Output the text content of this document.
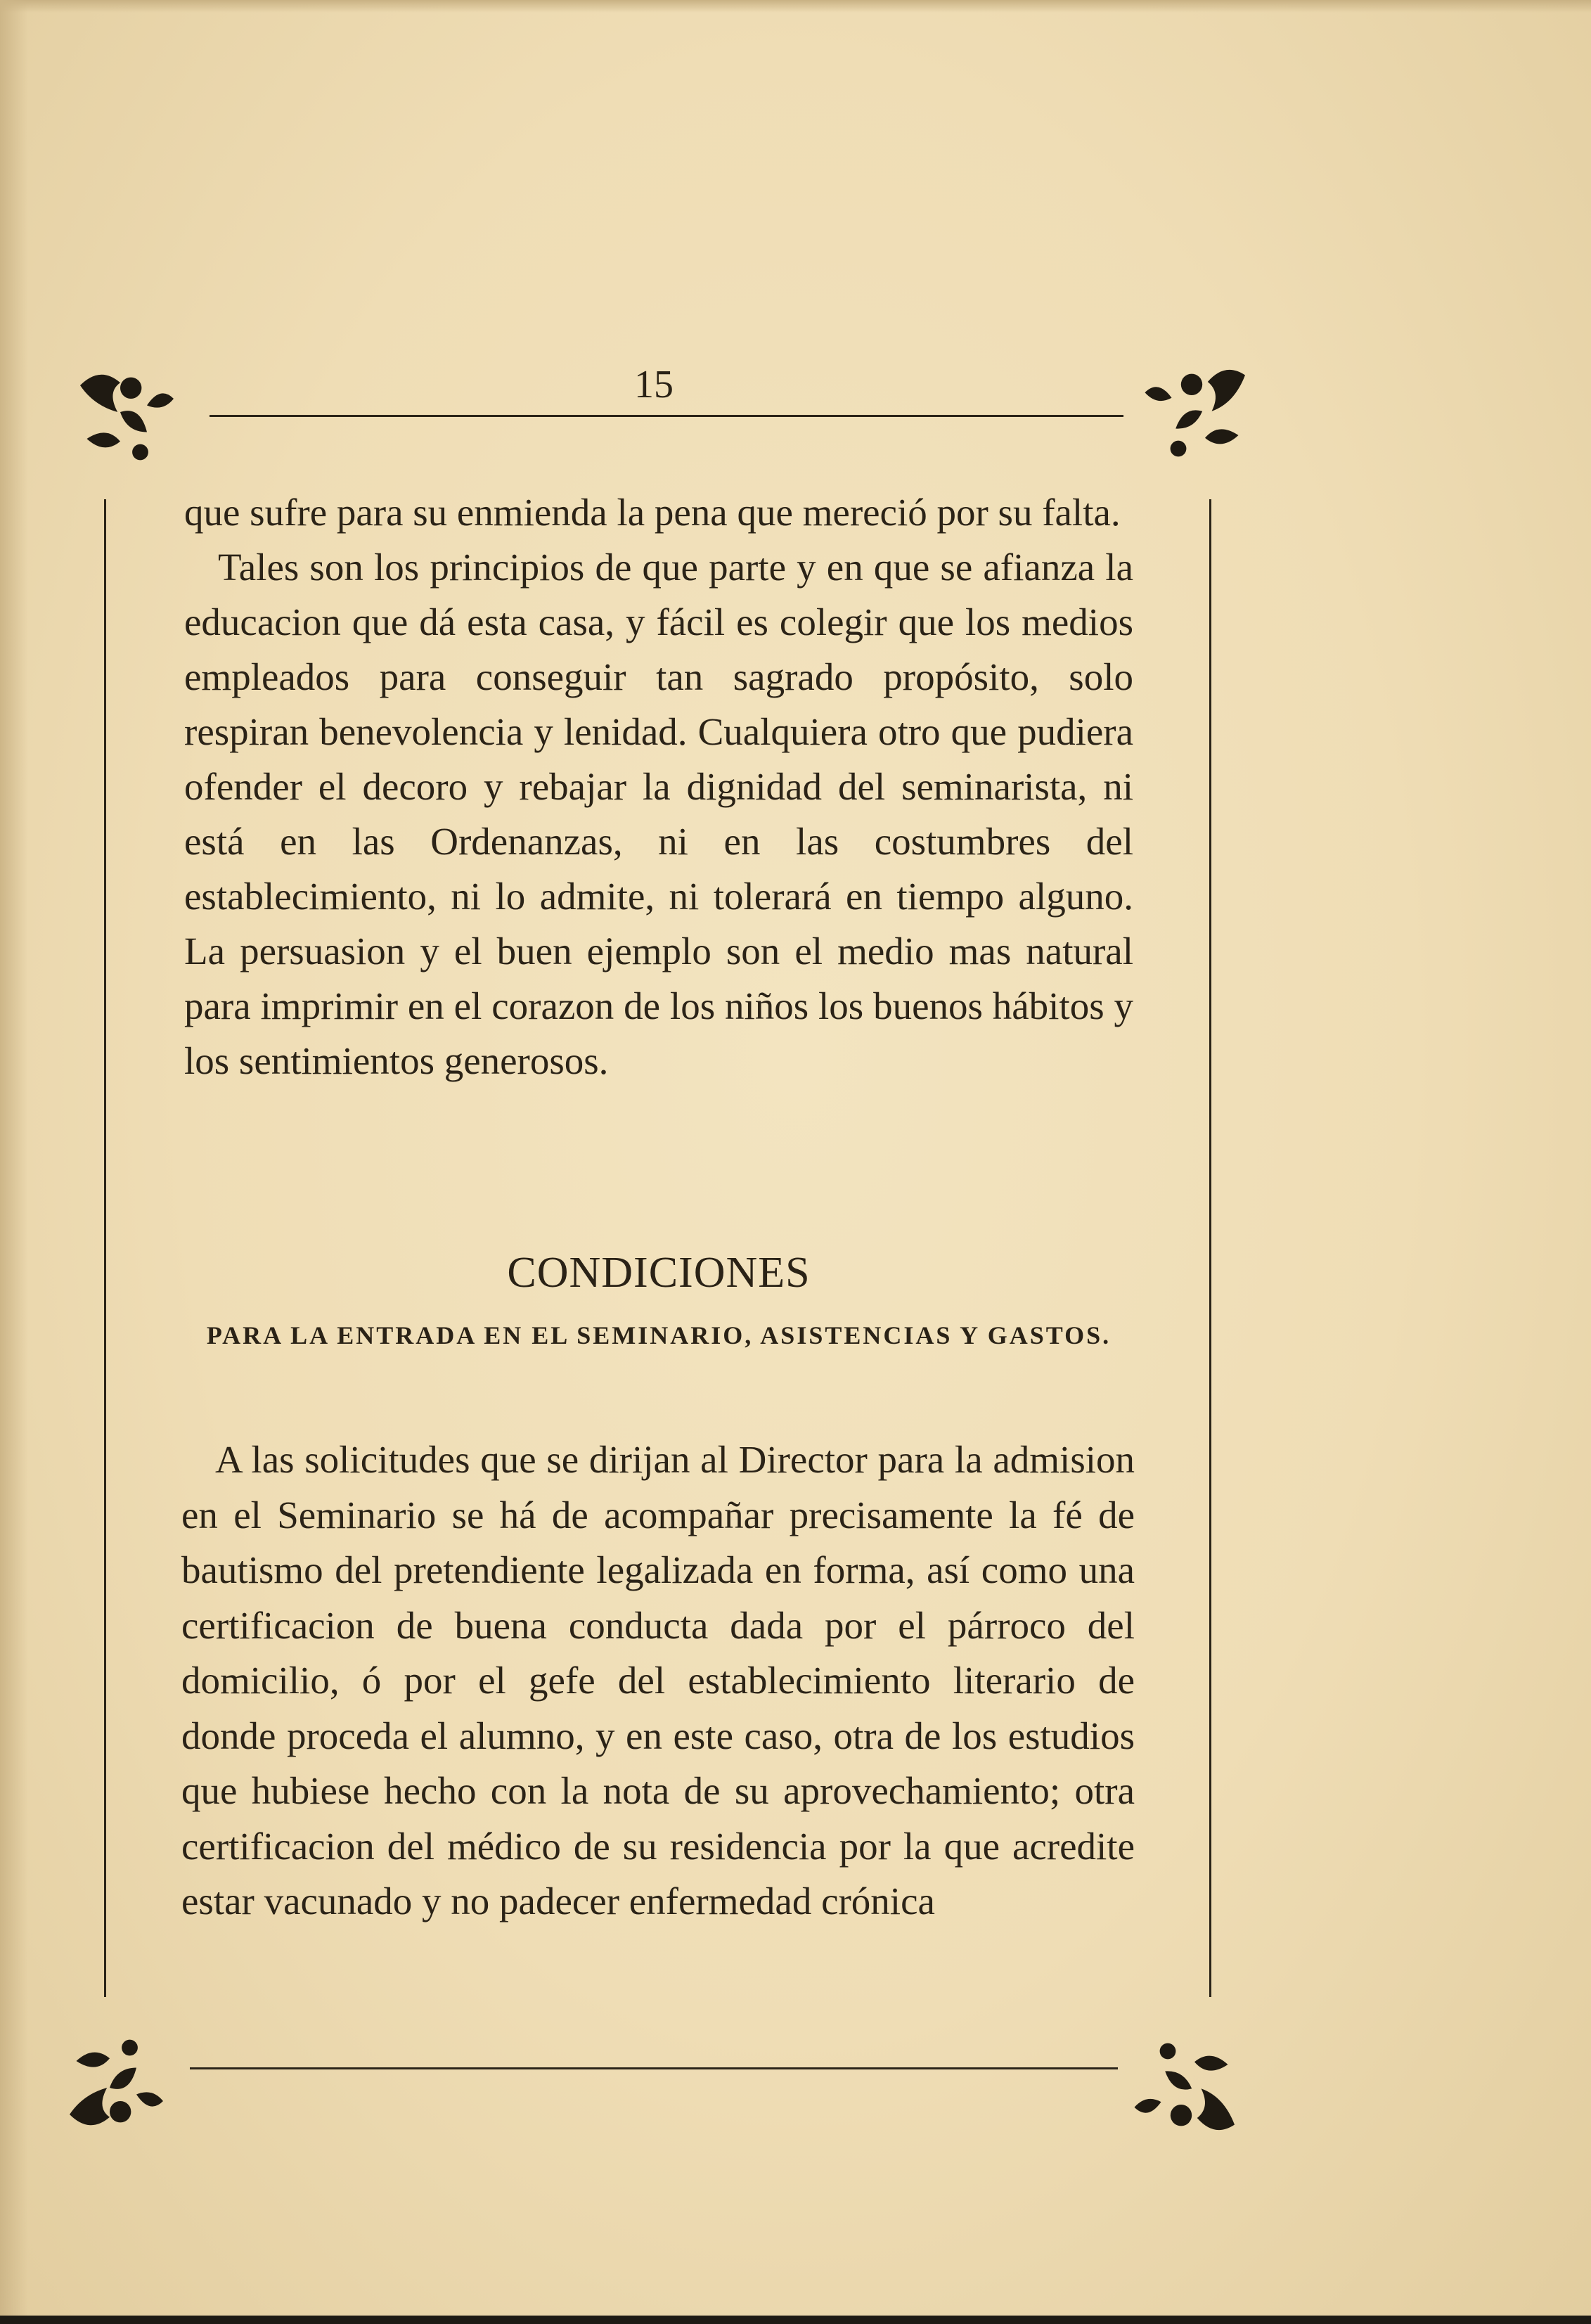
15

que sufre para su enmienda la pena que mereció por su falta.

Tales son los principios de que parte y en que se afianza la educacion que dá esta casa, y fácil es colegir que los medios empleados para conseguir tan sagrado propósito, solo respiran benevolencia y lenidad. Cualquiera otro que pudiera ofender el decoro y rebajar la dignidad del seminarista, ni está en las Ordenanzas, ni en las costumbres del establecimiento, ni lo admite, ni tolerará en tiempo alguno. La persuasion y el buen ejemplo son el medio mas natural para imprimir en el corazon de los niños los buenos hábitos y los sentimientos generosos.

CONDICIONES
PARA LA ENTRADA EN EL SEMINARIO, ASISTENCIAS Y GASTOS.

A las solicitudes que se dirijan al Director para la admision en el Seminario se há de acompañar precisamente la fé de bautismo del pretendiente legalizada en forma, así como una certificacion de buena conducta dada por el párroco del domicilio, ó por el gefe del establecimiento literario de donde proceda el alumno, y en este caso, otra de los estudios que hubiese hecho con la nota de su aprovechamiento; otra certificacion del médico de su residencia por la que acredite estar vacunado y no padecer enfermedad crónica
